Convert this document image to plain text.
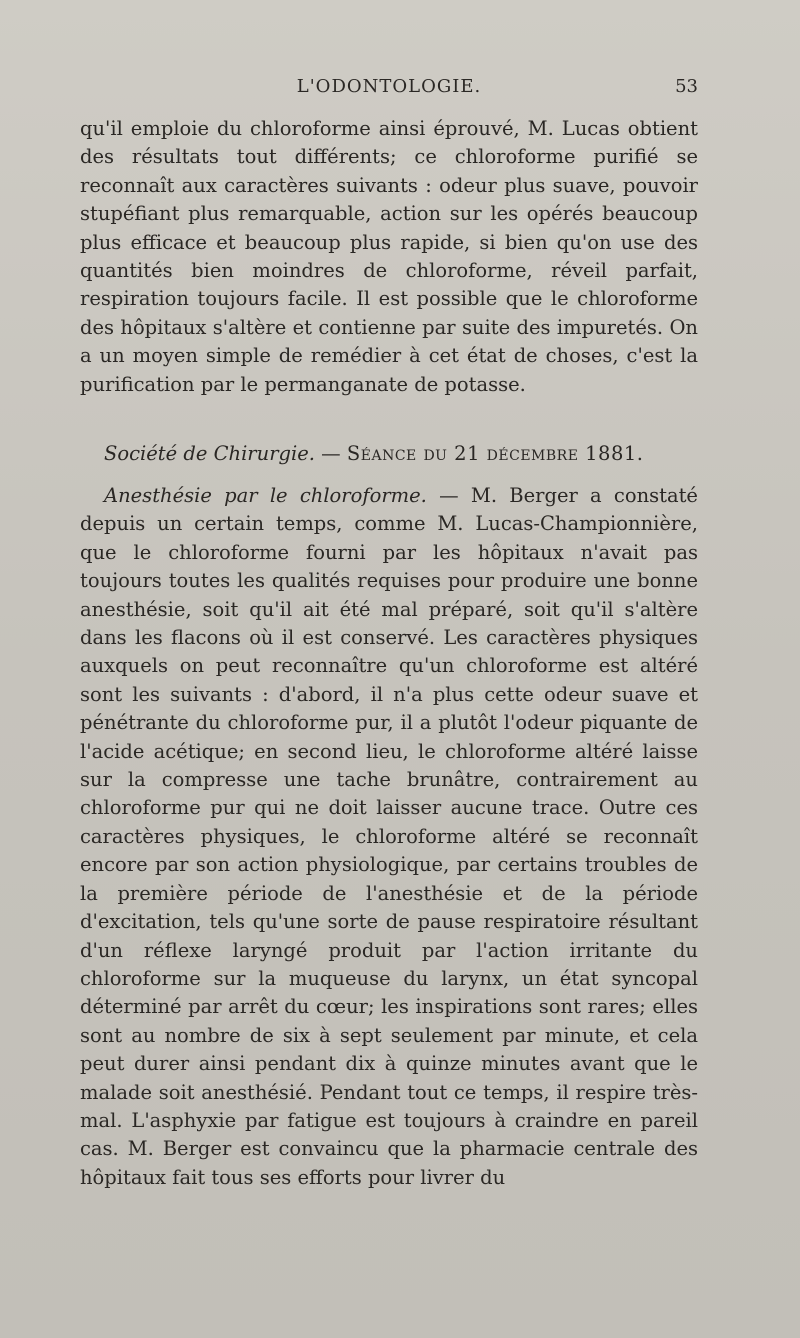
L'ODONTOLOGIE.	53

qu'il emploie du chloroforme ainsi éprouvé, M. Lucas obtient des résultats tout différents; ce chloroforme purifié se reconnaît aux caractères suivants : odeur plus suave, pouvoir stupéfiant plus remarquable, action sur les opérés beaucoup plus efficace et beaucoup plus rapide, si bien qu'on use des quantités bien moindres de chloroforme, réveil parfait, respiration toujours facile. Il est possible que le chloroforme des hôpitaux s'altère et contienne par suite des impuretés. On a un moyen simple de remédier à cet état de choses, c'est la purification par le permanganate de potasse.

Société de Chirurgie. — Séance du 21 décembre 1881.

Anesthésie par le chloroforme. — M. Berger a constaté depuis un certain temps, comme M. Lucas-Championnière, que le chloroforme fourni par les hôpitaux n'avait pas toujours toutes les qualités requises pour produire une bonne anesthésie, soit qu'il ait été mal préparé, soit qu'il s'altère dans les flacons où il est conservé. Les caractères physiques auxquels on peut reconnaître qu'un chloroforme est altéré sont les suivants : d'abord, il n'a plus cette odeur suave et pénétrante du chloroforme pur, il a plutôt l'odeur piquante de l'acide acétique; en second lieu, le chloroforme altéré laisse sur la compresse une tache brunâtre, contrairement au chloroforme pur qui ne doit laisser aucune trace. Outre ces caractères physiques, le chloroforme altéré se reconnaît encore par son action physiologique, par certains troubles de la première période de l'anesthésie et de la période d'excitation, tels qu'une sorte de pause respiratoire résultant d'un réflexe laryngé produit par l'action irritante du chloroforme sur la muqueuse du larynx, un état syncopal déterminé par arrêt du cœur; les inspirations sont rares; elles sont au nombre de six à sept seulement par minute, et cela peut durer ainsi pendant dix à quinze minutes avant que le malade soit anesthésié. Pendant tout ce temps, il respire très-mal. L'asphyxie par fatigue est toujours à craindre en pareil cas. M. Berger est convaincu que la pharmacie centrale des hôpitaux fait tous ses efforts pour livrer du
